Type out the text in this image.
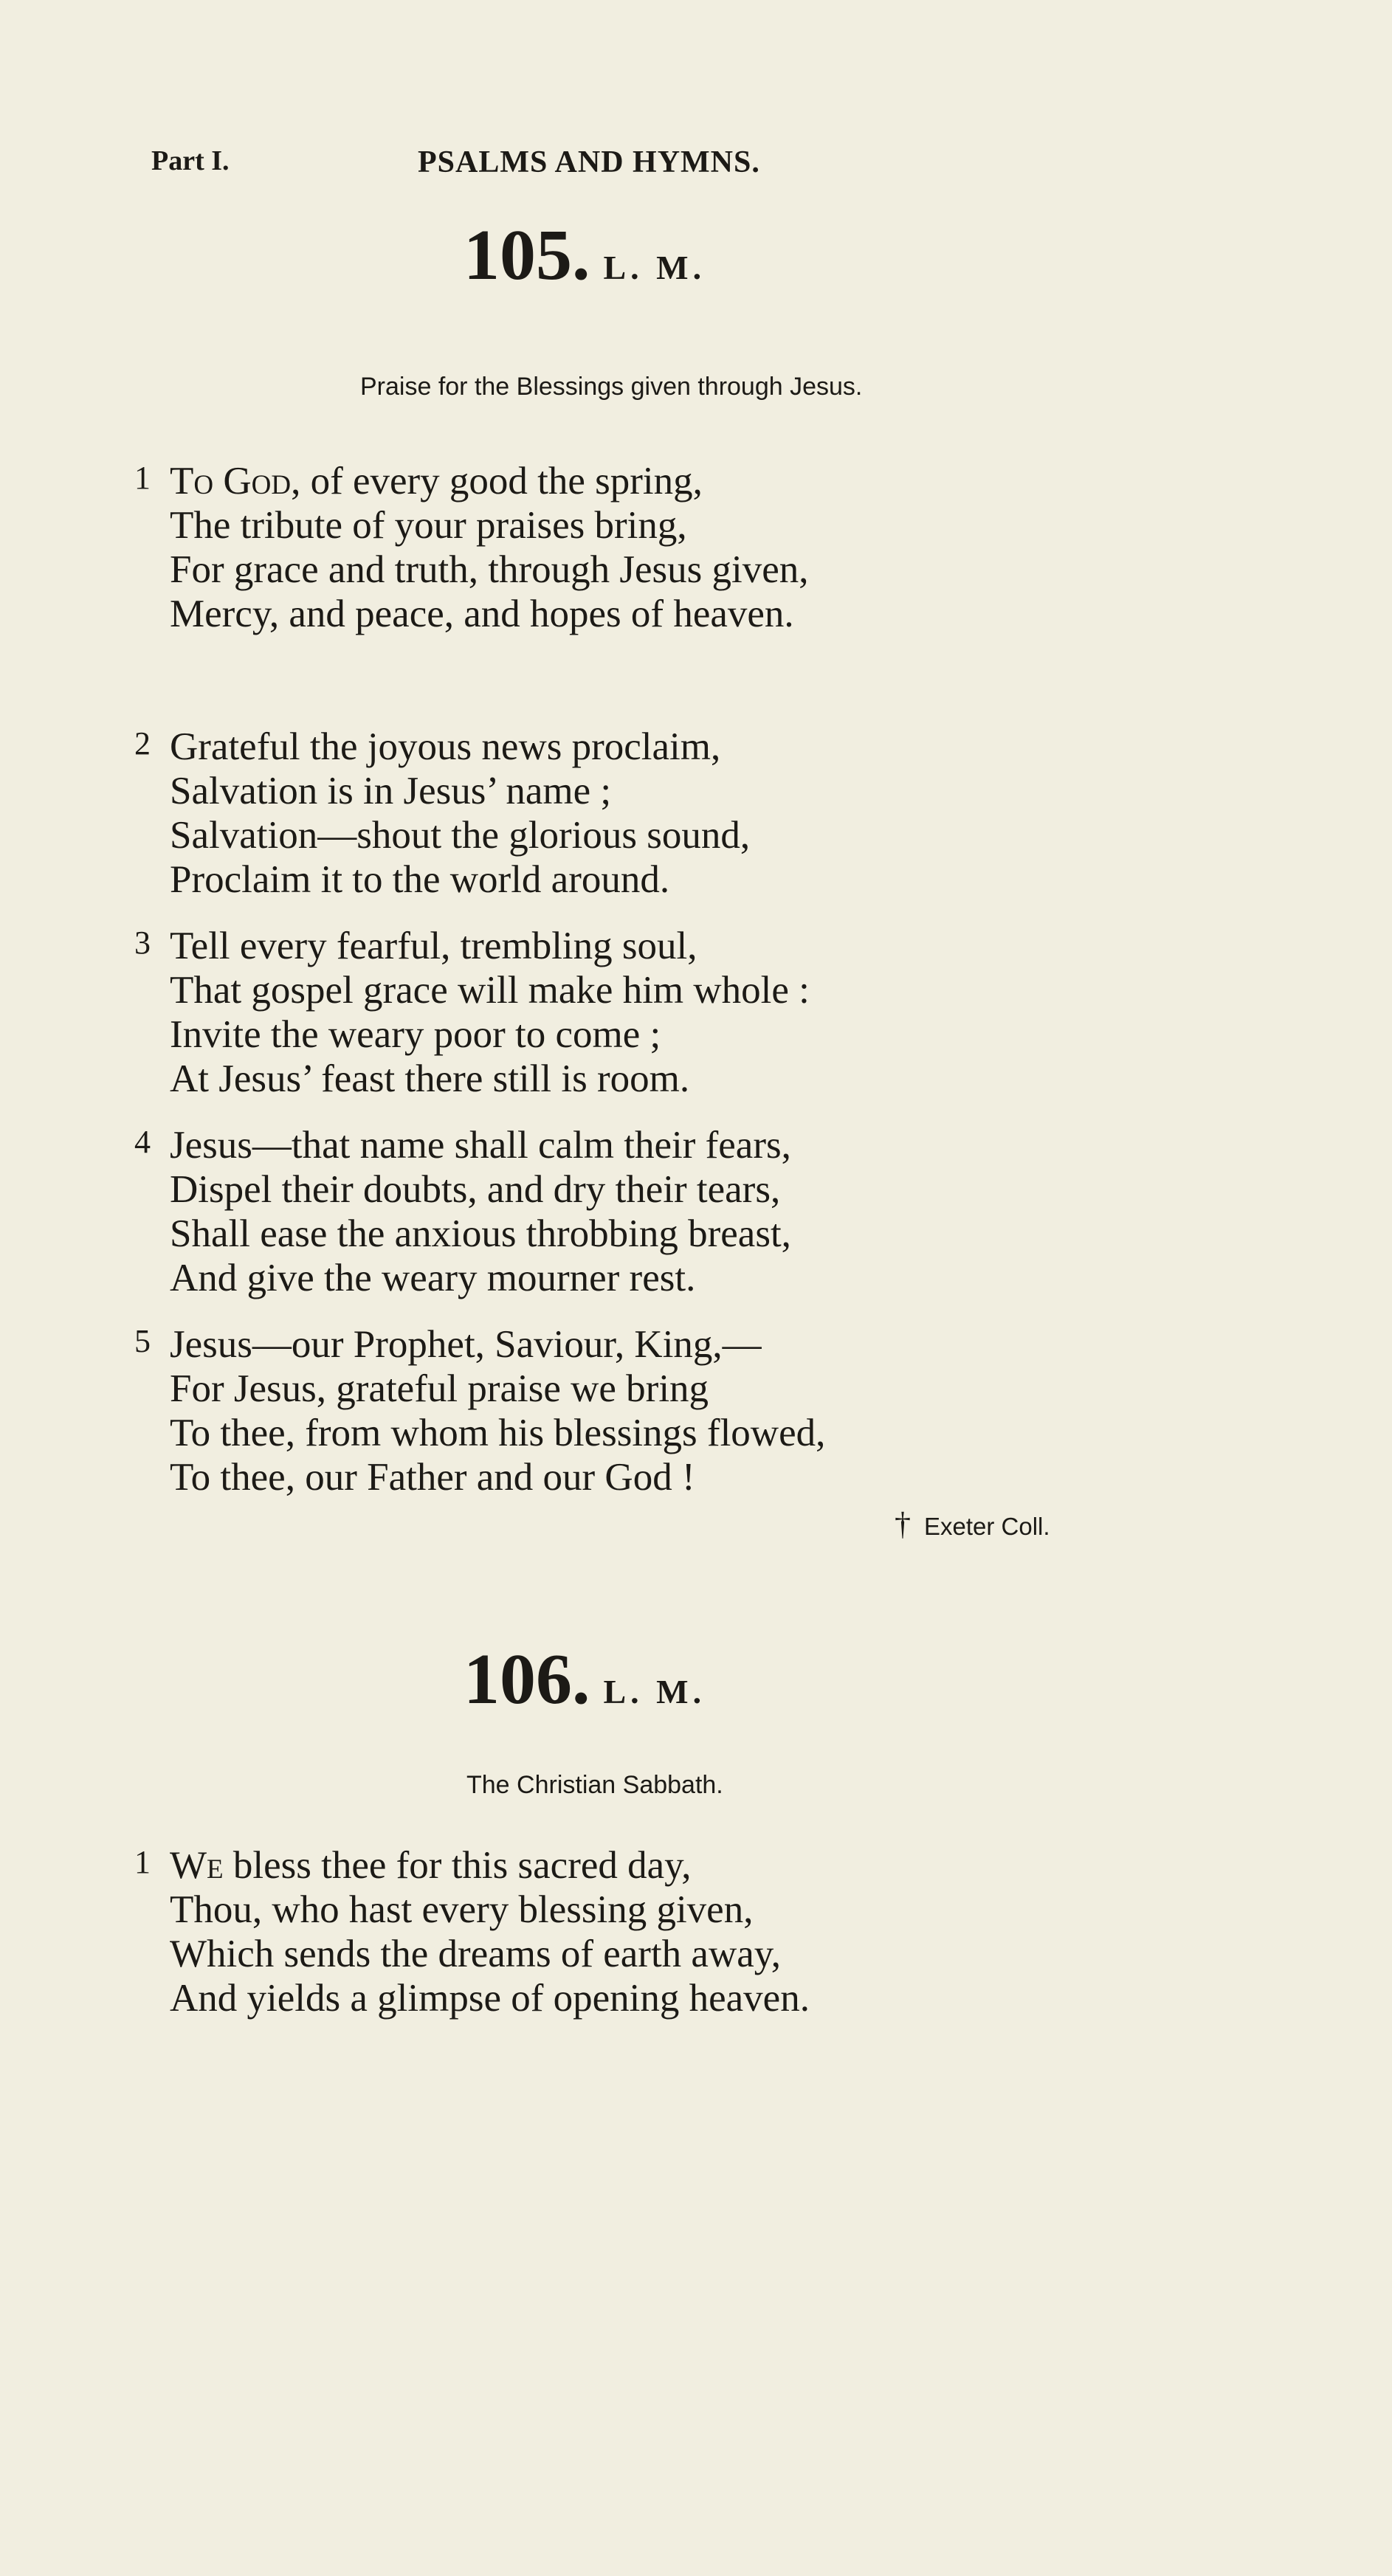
Part I.	PSALMS AND HYMNS.
105. L. M.
Praise for the Blessings given through Jesus.
1 To God, of every good the spring,
The tribute of your praises bring,
For grace and truth, through Jesus given,
Mercy, and peace, and hopes of heaven.
2 Grateful the joyous news proclaim,
Salvation is in Jesus’ name ;
Salvation—shout the glorious sound,
Proclaim it to the world around.
3 Tell every fearful, trembling soul,
That gospel grace will make him whole :
Invite the weary poor to come ;
At Jesus’ feast there still is room.
4 Jesus—that name shall calm their fears,
Dispel their doubts, and dry their tears,
Shall ease the anxious throbbing breast,
And give the weary mourner rest.
5 Jesus—our Prophet, Saviour, King,—
For Jesus, grateful praise we bring
To thee, from whom his blessings flowed,
To thee, our Father and our God !
† Exeter Coll.
106. L. M.
The Christian Sabbath.
1 We bless thee for this sacred day,
Thou, who hast every blessing given,
Which sends the dreams of earth away,
And yields a glimpse of opening heaven.
